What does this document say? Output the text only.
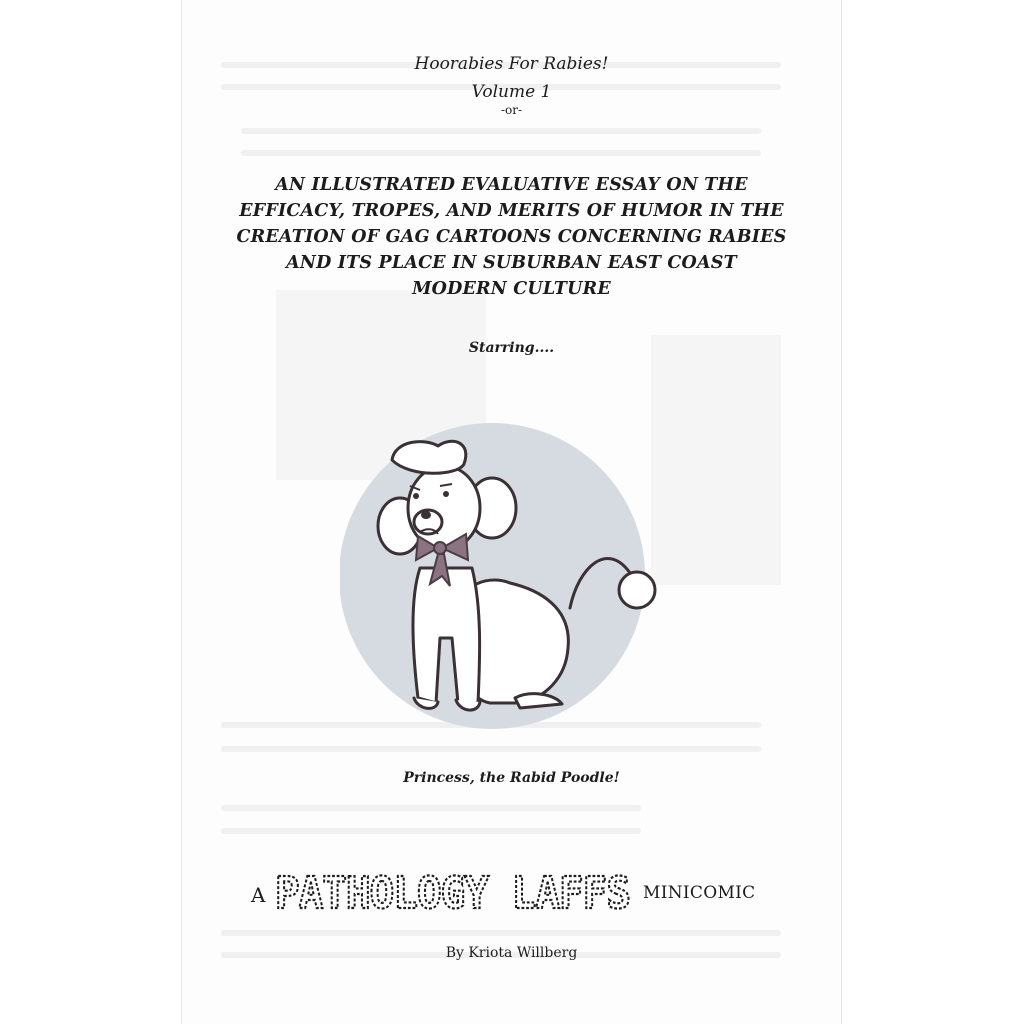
Hoorabies For Rabies!
Volume 1
-or-
AN ILLUSTRATED EVALUATIVE ESSAY ON THE
EFFICACY, TROPES, AND MERITS OF HUMOR IN THE
CREATION OF GAG CARTOONS CONCERNING RABIES
AND ITS PLACE IN SUBURBAN EAST COAST
MODERN CULTURE
Starring....
Princess, the Rabid Poodle!
A PATHOLOGY LAFFS MINICOMIC
By Kriota Willberg
